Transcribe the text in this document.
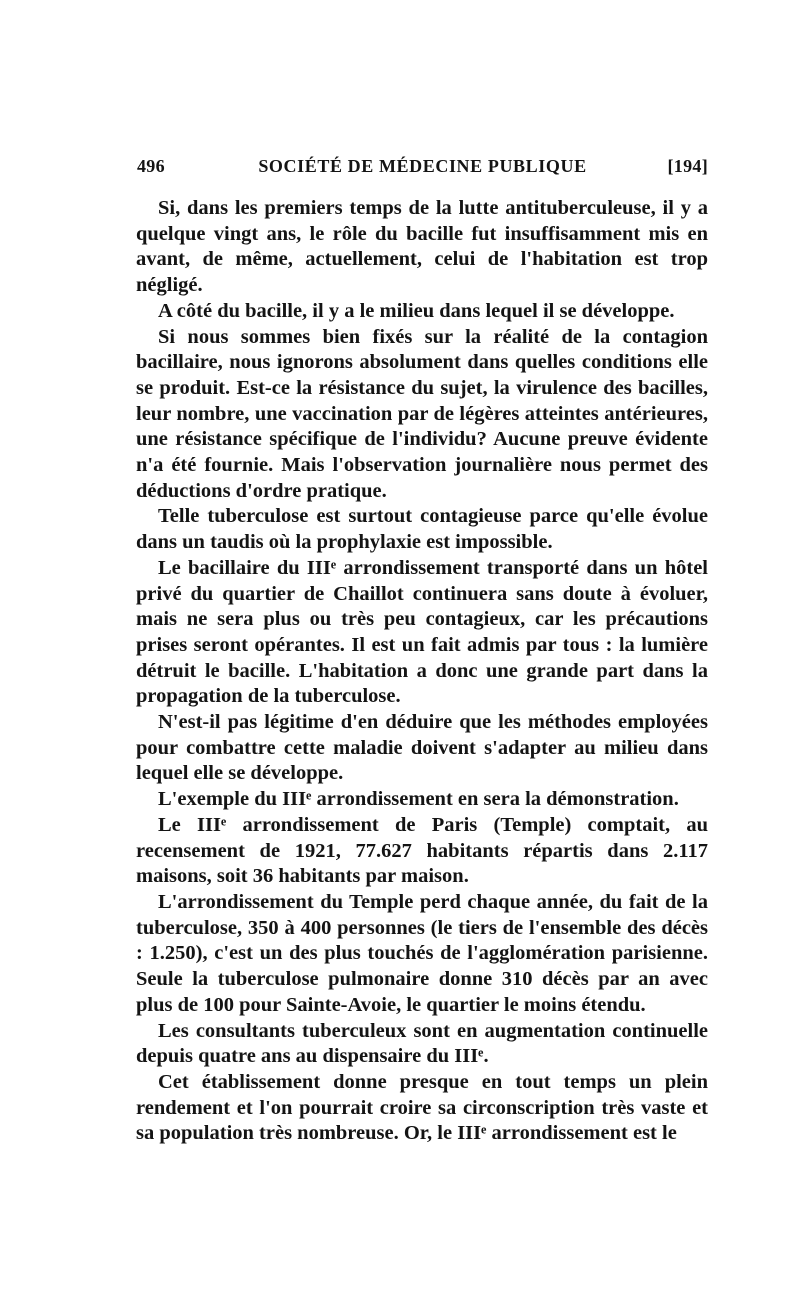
496	SOCIÉTÉ DE MÉDECINE PUBLIQUE	[194]

Si, dans les premiers temps de la lutte antituberculeuse, il y a quelque vingt ans, le rôle du bacille fut insuffisamment mis en avant, de même, actuellement, celui de l'habitation est trop négligé.

A côté du bacille, il y a le milieu dans lequel il se développe.

Si nous sommes bien fixés sur la réalité de la contagion bacillaire, nous ignorons absolument dans quelles conditions elle se produit. Est-ce la résistance du sujet, la virulence des bacilles, leur nombre, une vaccination par de légères atteintes antérieures, une résistance spécifique de l'individu? Aucune preuve évidente n'a été fournie. Mais l'observation journalière nous permet des déductions d'ordre pratique.

Telle tuberculose est surtout contagieuse parce qu'elle évolue dans un taudis où la prophylaxie est impossible.

Le bacillaire du IIIᵉ arrondissement transporté dans un hôtel privé du quartier de Chaillot continuera sans doute à évoluer, mais ne sera plus ou très peu contagieux, car les précautions prises seront opérantes. Il est un fait admis par tous : la lumière détruit le bacille. L'habitation a donc une grande part dans la propagation de la tuberculose.

N'est-il pas légitime d'en déduire que les méthodes employées pour combattre cette maladie doivent s'adapter au milieu dans lequel elle se développe.

L'exemple du IIIᵉ arrondissement en sera la démonstration.

Le IIIᵉ arrondissement de Paris (Temple) comptait, au recensement de 1921, 77.627 habitants répartis dans 2.117 maisons, soit 36 habitants par maison.

L'arrondissement du Temple perd chaque année, du fait de la tuberculose, 350 à 400 personnes (le tiers de l'ensemble des décès : 1.250), c'est un des plus touchés de l'agglomération parisienne. Seule la tuberculose pulmonaire donne 310 décès par an avec plus de 100 pour Sainte-Avoie, le quartier le moins étendu.

Les consultants tuberculeux sont en augmentation continuelle depuis quatre ans au dispensaire du IIIᵉ.

Cet établissement donne presque en tout temps un plein rendement et l'on pourrait croire sa circonscription très vaste et sa population très nombreuse. Or, le IIIᵉ arrondissement est le
